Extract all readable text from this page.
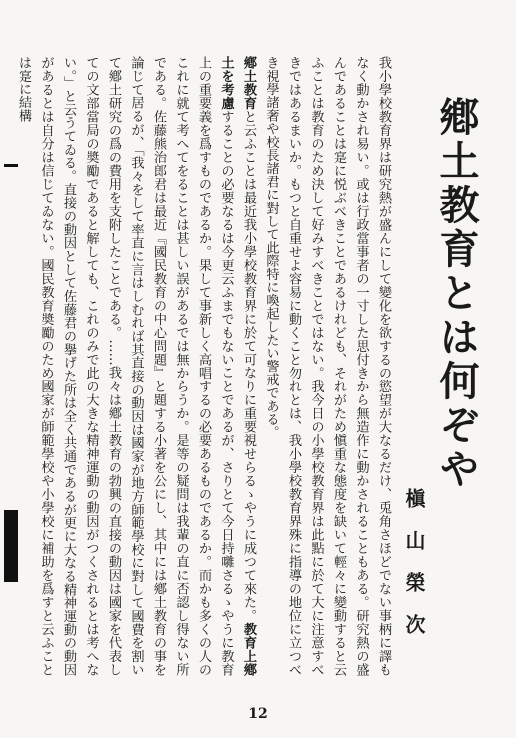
鄕土教育とは何ぞや
槇山榮次
我小學校教育界は研究熱が盛んにして變化を欲するの慾望が大なるだけ、兎角さほどでない事柄に譯もなく動かされ易い。或は行政當事者の一寸した思付きから無造作に動かされることもある。研究熱の盛んであることは寔に悦ぶべきことであるけれども、それがため愼重な態度を缺いて輕々に變動すると云ふことは教育のため決して好みすべきことではない。我今日の小學校教育界は此點に於て大に注意すべきではあるまいか。もつと自重せよ容易に動くこと勿れとは、我小學校教育界殊に指導の地位に立つべき視學諸奢や校長諸君に對して此際特に喚起したい警戒である。
鄕土教育と云ふことは最近我小學校教育界に於て可なりに重要視せらるゝやうに成つて來た。教育上鄕土を考慮することの必要なるは今更云ふまでもないことであるが、さりとて今日持囃さるゝやうに教育上の重要義を爲すものであるか。果して事新しく高唱するの必要あるものであるか。而かも多くの人のこれに就て考へてをることは甚しい誤があるでは無からうか。是等の疑問は我輩の直に否認し得ない所である。佐藤熊治郎君は最近『國民教育の中心問題』と題する小著を公にし、其中には鄕土教育の事を論じて居るが、「我々をして率直に言はしむれば其直接の動因は國家が地方師範學校に對して國費を割いて鄕土研究の爲の費用を支附したことである。……我々は鄕土教育の勃興の直接の動因は國家を代表しての文部當局の奬勵であると解しても、これのみで此の大きな精神運動の動因がつくされるとは考へない。」と云うてゐる。直接の動因として佐藤君の擧げた所は全く共通であるが更に大なる精神運動の動因があるとは自分は信じてゐない。國民教育奬勵のため國家が師範學校や小學校に補助を爲すと云ふことは寔に結構
12
